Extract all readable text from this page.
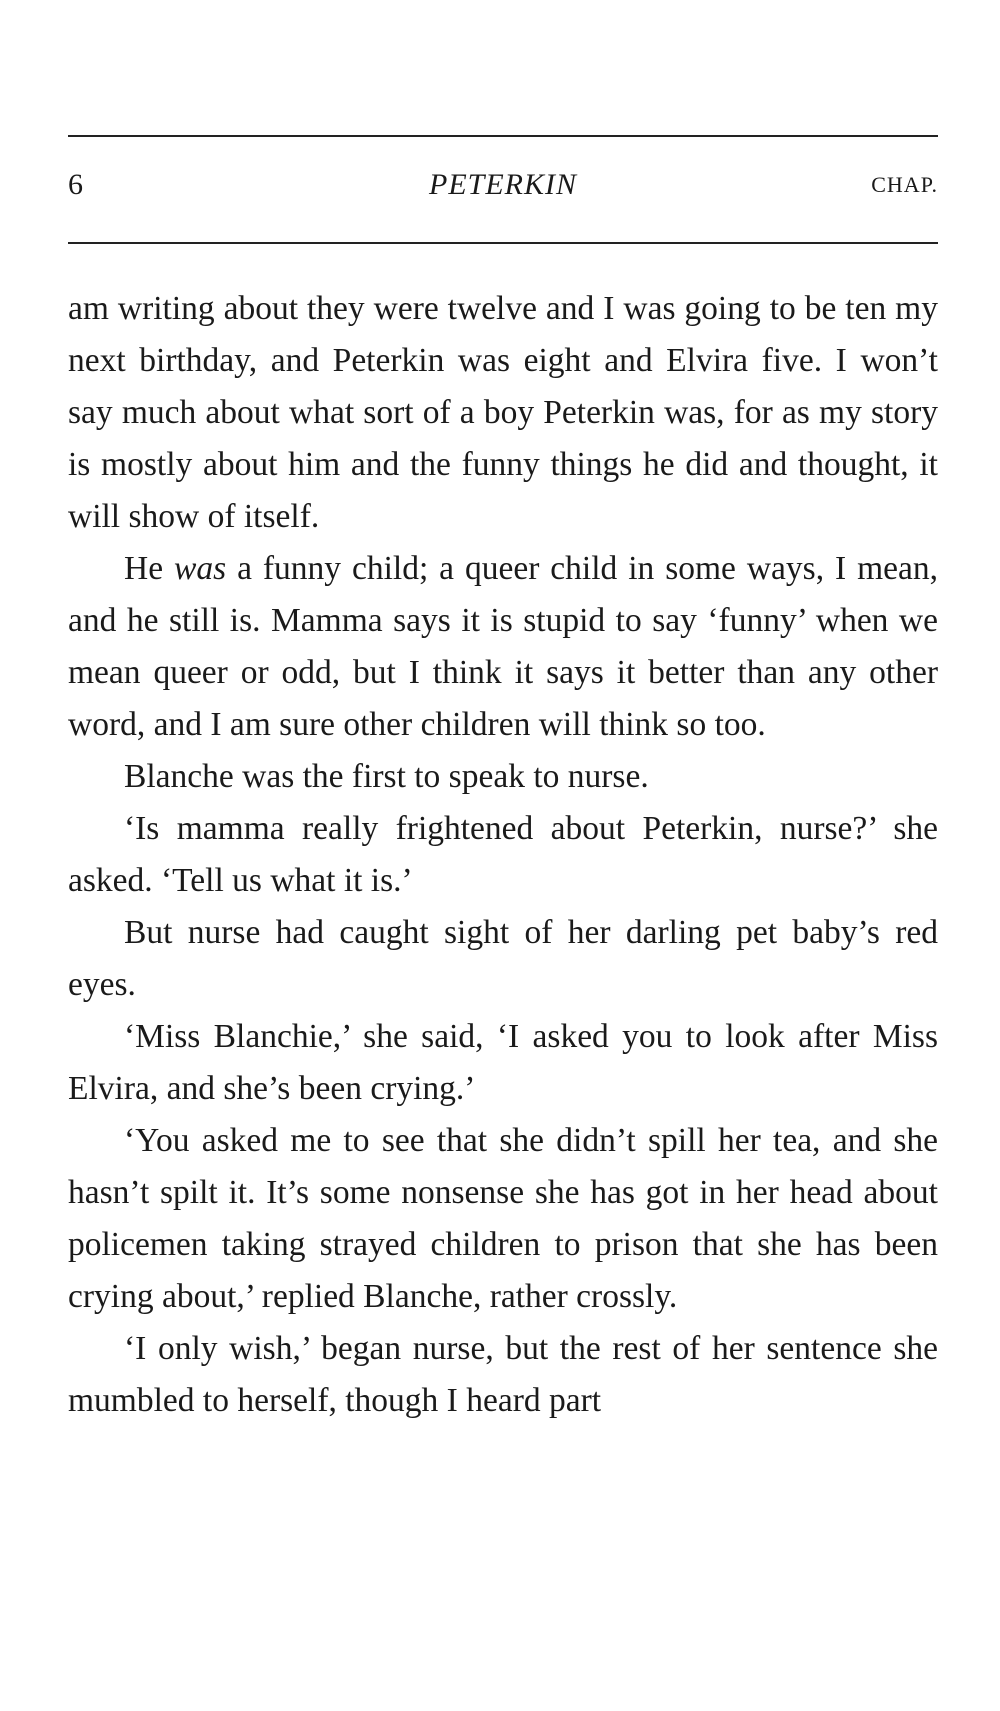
6	PETERKIN	CHAP.

am writing about they were twelve and I was going to be ten my next birthday, and Peterkin was eight and Elvira five. I won’t say much about what sort of a boy Peterkin was, for as my story is mostly about him and the funny things he did and thought, it will show of itself.

He was a funny child; a queer child in some ways, I mean, and he still is. Mamma says it is stupid to say ‘funny’ when we mean queer or odd, but I think it says it better than any other word, and I am sure other children will think so too.

Blanche was the first to speak to nurse.

‘Is mamma really frightened about Peterkin, nurse?’ she asked. ‘Tell us what it is.’

But nurse had caught sight of her darling pet baby’s red eyes.

‘Miss Blanchie,’ she said, ‘I asked you to look after Miss Elvira, and she’s been crying.’

‘You asked me to see that she didn’t spill her tea, and she hasn’t spilt it. It’s some nonsense she has got in her head about policemen taking strayed children to prison that she has been crying about,’ replied Blanche, rather crossly.

‘I only wish,’ began nurse, but the rest of her sentence she mumbled to herself, though I heard part
